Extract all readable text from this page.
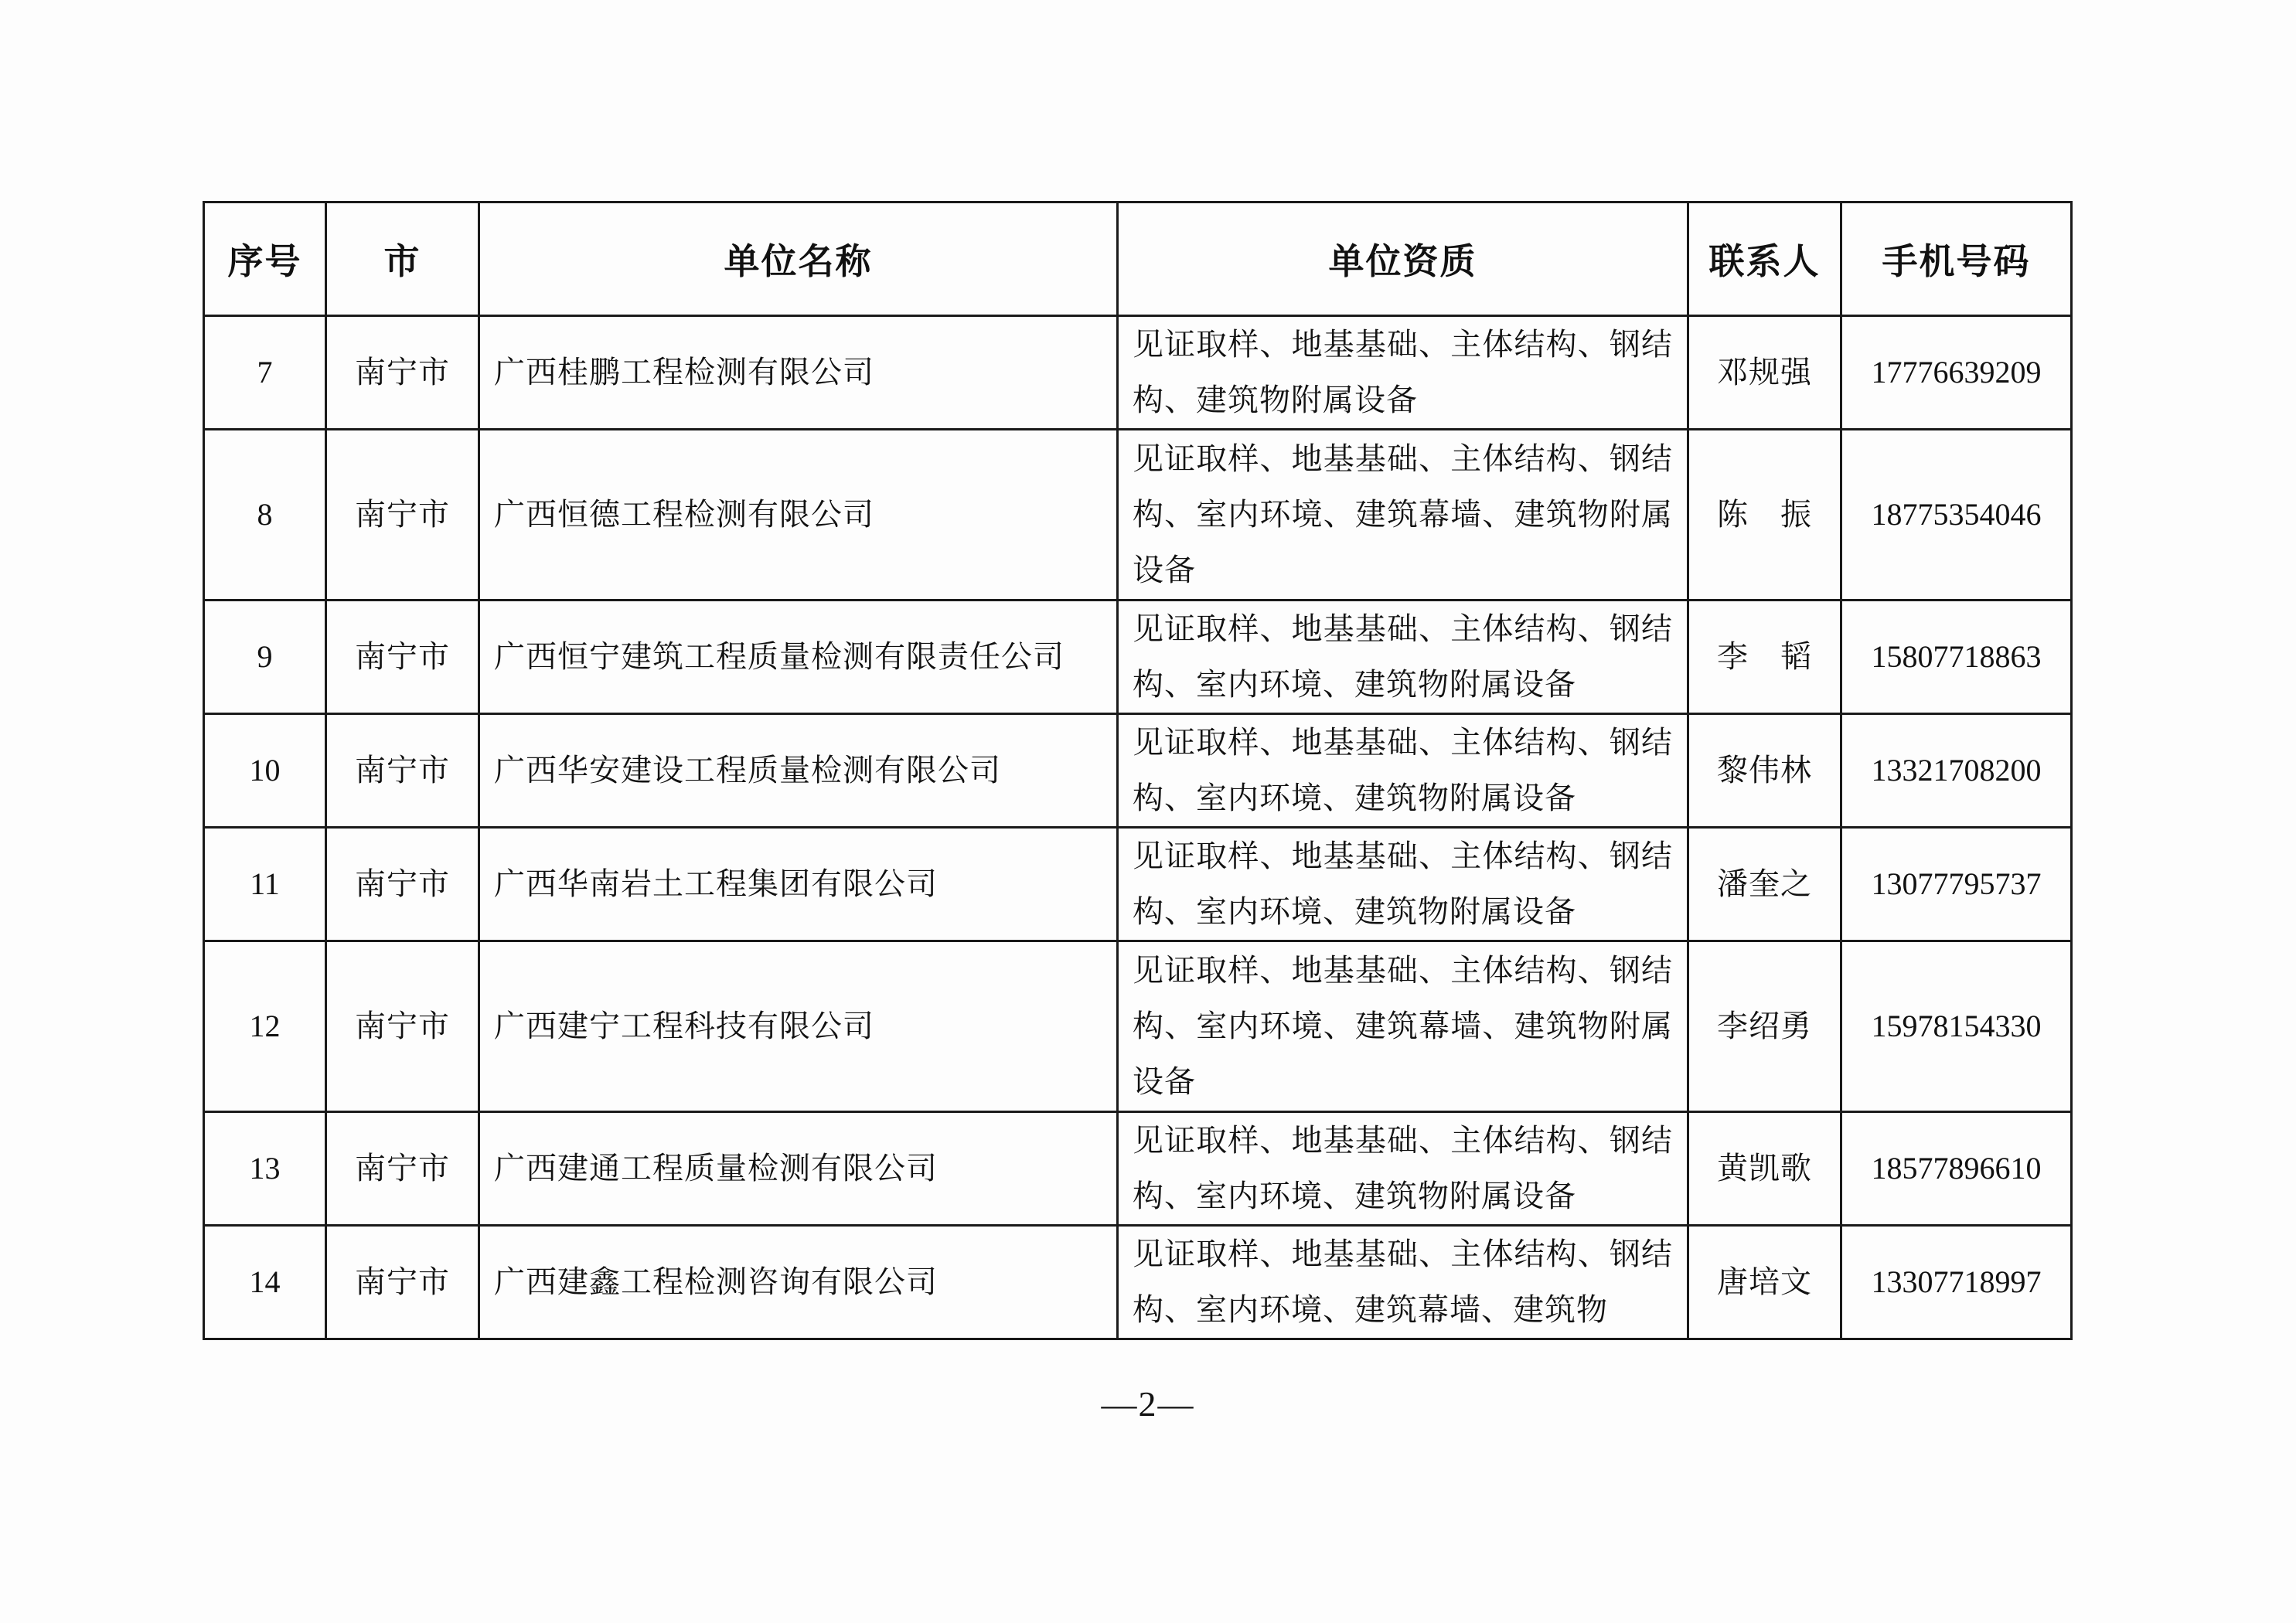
序号	市	单位名称	单位资质	联系人	手机号码
7	南宁市	广西桂鹏工程检测有限公司	见证取样、地基基础、主体结构、钢结构、建筑物附属设备	邓规强	17776639209
8	南宁市	广西恒德工程检测有限公司	见证取样、地基基础、主体结构、钢结构、室内环境、建筑幕墙、建筑物附属设备	陈　振	18775354046
9	南宁市	广西恒宁建筑工程质量检测有限责任公司	见证取样、地基基础、主体结构、钢结构、室内环境、建筑物附属设备	李　韬	15807718863
10	南宁市	广西华安建设工程质量检测有限公司	见证取样、地基基础、主体结构、钢结构、室内环境、建筑物附属设备	黎伟林	13321708200
11	南宁市	广西华南岩土工程集团有限公司	见证取样、地基基础、主体结构、钢结构、室内环境、建筑物附属设备	潘奎之	13077795737
12	南宁市	广西建宁工程科技有限公司	见证取样、地基基础、主体结构、钢结构、室内环境、建筑幕墙、建筑物附属设备	李绍勇	15978154330
13	南宁市	广西建通工程质量检测有限公司	见证取样、地基基础、主体结构、钢结构、室内环境、建筑物附属设备	黄凯歌	18577896610
14	南宁市	广西建鑫工程检测咨询有限公司	见证取样、地基基础、主体结构、钢结构、室内环境、建筑幕墙、建筑物	唐培文	13307718997
—2—
